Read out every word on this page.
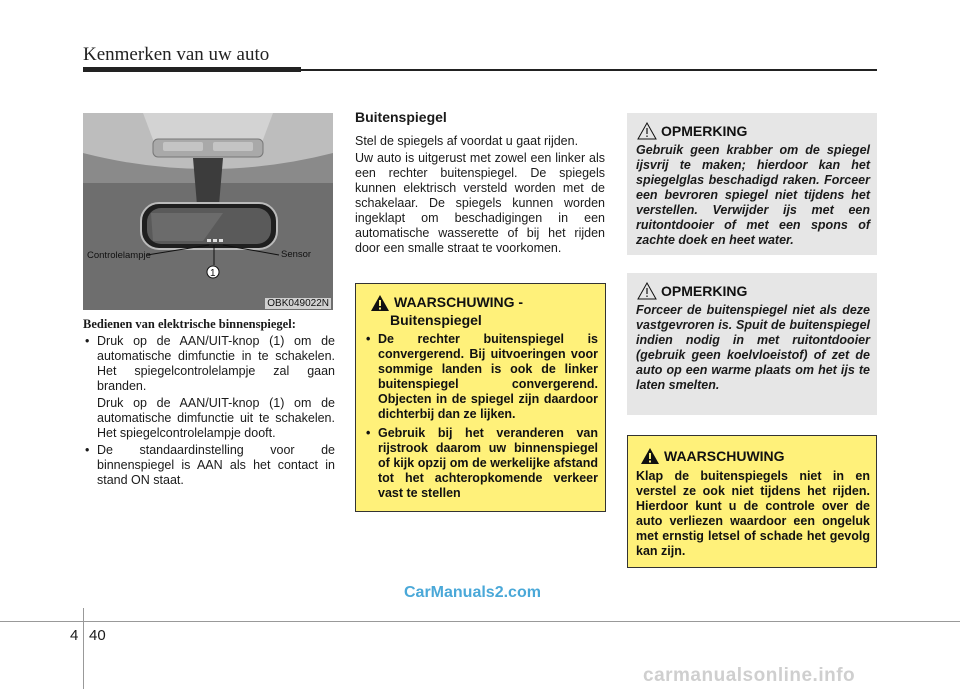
Kenmerken van uw auto
Controlelampje	Sensor
1
OBK049022N
Bedienen van elektrische binnenspiegel:
• Druk op de AAN/UIT-knop (1) om de automatische dimfunctie in te schakelen. Het spiegelcontrolelampje zal gaan branden.
Druk op de AAN/UIT-knop (1) om de automatische dimfunctie uit te schakelen. Het spiegelcontrolelampje dooft.
• De standaardinstelling voor de binnenspiegel is AAN als het contact in stand ON staat.
Buitenspiegel
Stel de spiegels af voordat u gaat rijden.
Uw auto is uitgerust met zowel een linker als een rechter buitenspiegel. De spiegels kunnen elektrisch versteld worden met de schakelaar. De spiegels kunnen worden ingeklapt om beschadigingen in een automatische wasserette of bij het rijden door een smalle straat te voorkomen.
WAARSCHUWING -
Buitenspiegel
• De rechter buitenspiegel is convergerend. Bij uitvoeringen voor sommige landen is ook de linker buitenspiegel convergerend. Objecten in de spiegel zijn daardoor dichterbij dan ze lijken.
• Gebruik bij het veranderen van rijstrook daarom uw binnenspiegel of kijk opzij om de werkelijke afstand tot het achteropkomende verkeer vast te stellen
OPMERKING
Gebruik geen krabber om de spiegel ijsvrij te maken; hierdoor kan het spiegelglas beschadigd raken. Forceer een bevroren spiegel niet tijdens het verstellen. Verwijder ijs met een ruitontdooier of met een spons of zachte doek en heet water.
OPMERKING
Forceer de buitenspiegel niet als deze vastgevroren is. Spuit de buitenspiegel indien nodig in met ruitontdooier (gebruik geen koelvloeistof) of zet de auto op een warme plaats om het ijs te laten smelten.
WAARSCHUWING
Klap de buitenspiegels niet in en verstel ze ook niet tijdens het rijden. Hierdoor kunt u de controle over de auto verliezen waardoor een ongeluk met ernstig letsel of schade het gevolg kan zijn.
CarManuals2.com
4 40
carmanualsonline.info
